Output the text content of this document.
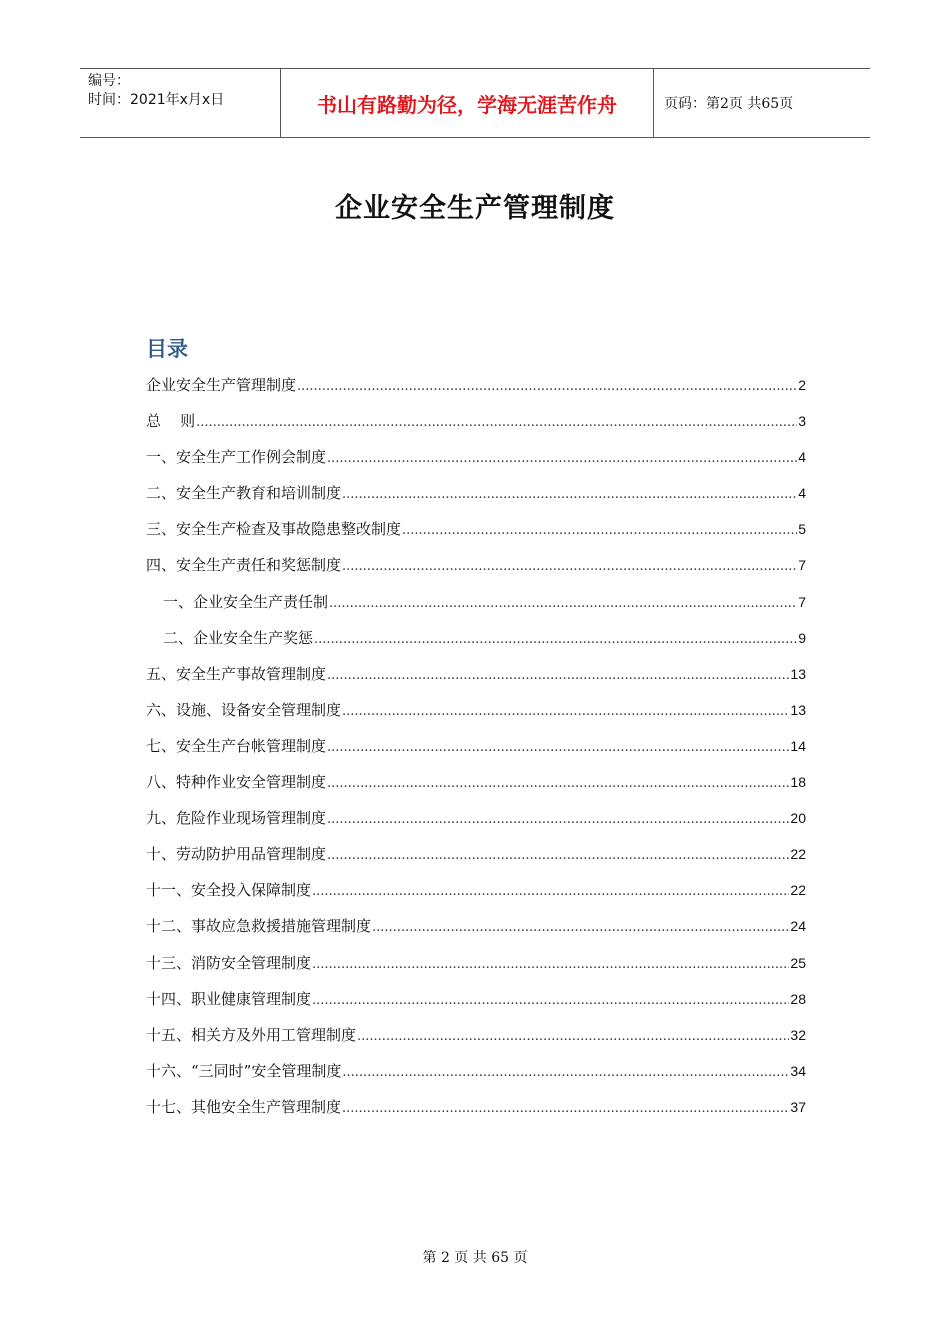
编号：
时间：2021年x月x日	书山有路勤为径，学海无涯苦作舟	页码：第2页 共65页
企业安全生产管理制度
目录
企业安全生产管理制度 .....	2
总    则 .....	3
一、安全生产工作例会制度 .....	4
二、安全生产教育和培训制度 .....	4
三、安全生产检查及事故隐患整改制度 .....	5
四、安全生产责任和奖惩制度 .....	7
一、企业安全生产责任制 .....	7
二、企业安全生产奖惩 .....	9
五、安全生产事故管理制度 .....	13
六、设施、设备安全管理制度 .....	13
七、安全生产台帐管理制度 .....	14
八、特种作业安全管理制度 .....	18
九、危险作业现场管理制度 .....	20
十、劳动防护用品管理制度 .....	22
十一、安全投入保障制度 .....	22
十二、事故应急救援措施管理制度 .....	24
十三、消防安全管理制度 .....	25
十四、职业健康管理制度 .....	28
十五、相关方及外用工管理制度 .....	32
十六、“三同时”安全管理制度 .....	34
十七、其他安全生产管理制度 .....	37
第 2 页 共 65 页
